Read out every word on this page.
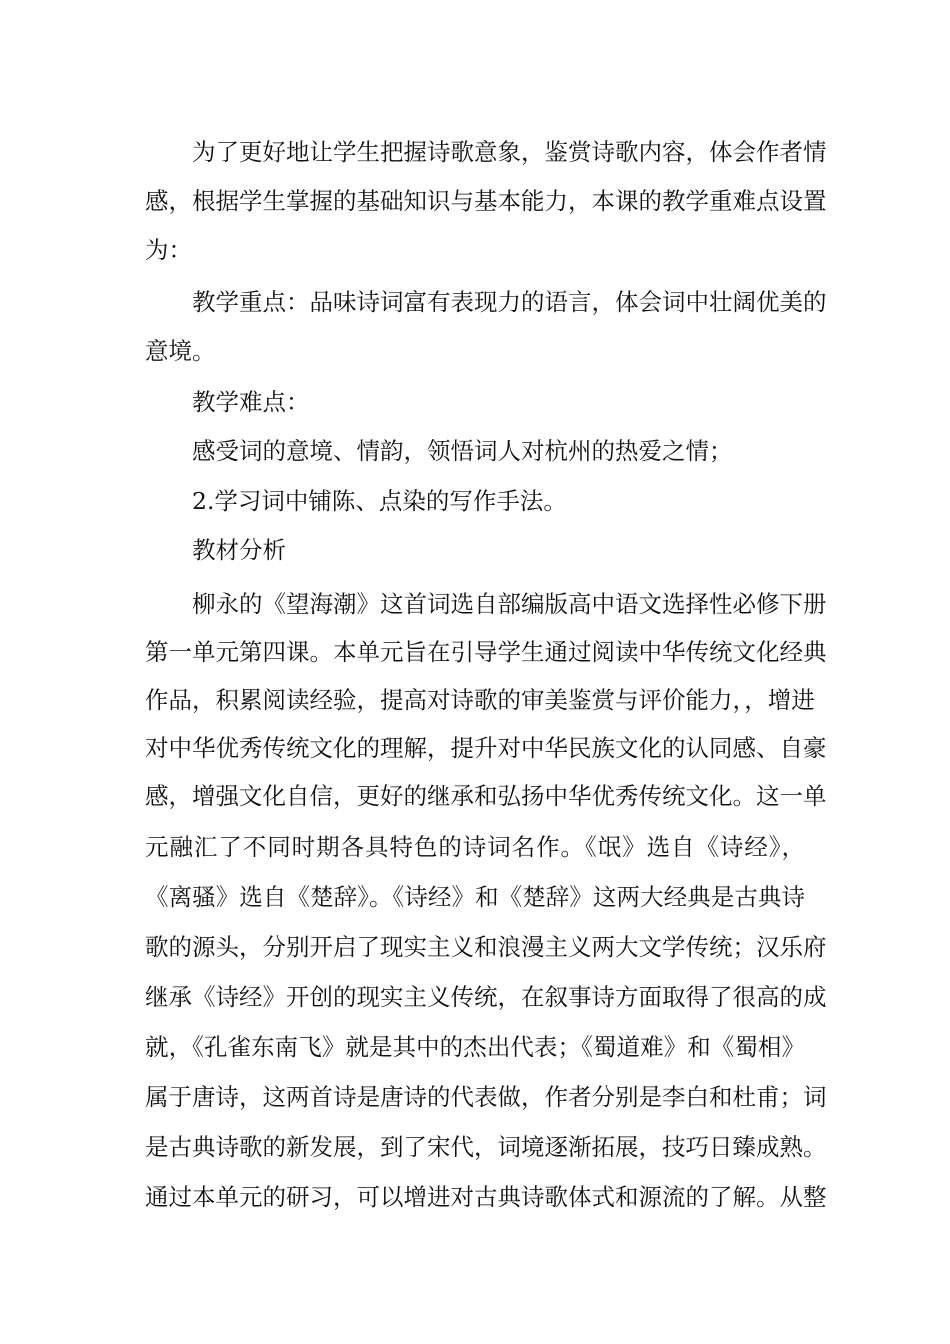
为了更好地让学生把握诗歌意象，鉴赏诗歌内容，体会作者情
感，根据学生掌握的基础知识与基本能力，本课的教学重难点设置
为：
教学重点：品味诗词富有表现力的语言，体会词中壮阔优美的
意境。
教学难点：
感受词的意境、情韵，领悟词人对杭州的热爱之情；
2.学习词中铺陈、点染的写作手法。
教材分析
柳永的《望海潮》这首词选自部编版高中语文选择性必修下册
第一单元第四课。本单元旨在引导学生通过阅读中华传统文化经典
作品，积累阅读经验，提高对诗歌的审美鉴赏与评价能力，，增进
对中华优秀传统文化的理解，提升对中华民族文化的认同感、自豪
感，增强文化自信，更好的继承和弘扬中华优秀传统文化。这一单
元融汇了不同时期各具特色的诗词名作。《氓》选自《诗经》，
《离骚》选自《楚辞》。《诗经》和《楚辞》这两大经典是古典诗
歌的源头，分别开启了现实主义和浪漫主义两大文学传统；汉乐府
继承《诗经》开创的现实主义传统，在叙事诗方面取得了很高的成
就，《孔雀东南飞》就是其中的杰出代表；《蜀道难》和《蜀相》
属于唐诗，这两首诗是唐诗的代表做，作者分别是李白和杜甫；词
是古典诗歌的新发展，到了宋代，词境逐渐拓展，技巧日臻成熟。
通过本单元的研习，可以增进对古典诗歌体式和源流的了解。从整
